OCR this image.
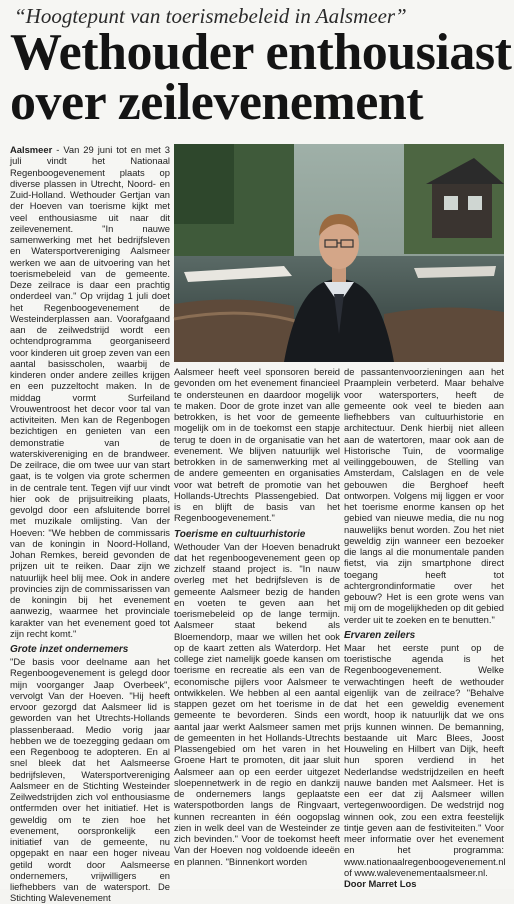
“Hoogtepunt van toerismebeleid in Aalsmeer”
Wethouder enthousiast
over zeilevenement

Aalsmeer - Van 29 juni tot en met 3 juli vindt het Nationaal Regenboogevenement plaats op diverse plassen in Utrecht, Noord- en Zuid-Holland. Wethouder Gertjan van der Hoeven van toerisme kijkt met veel enthousiasme uit naar dit zeilevenement. "In nauwe samenwerking met het bedrijfsleven en Watersportvereniging Aalsmeer werken we aan de uitvoering van het toerismebeleid van de gemeente. Deze zeilrace is daar een prachtig onderdeel van." Op vrijdag 1 juli doet het Regenboogevenement de Westeinderplassen aan. Voorafgaand aan de zeilwedstrijd wordt een ochtendprogramma georganiseerd voor kinderen uit groep zeven van een aantal basisscholen, waarbij de kinderen onder andere zeilles krijgen en een puzzeltocht maken. In de middag vormt Surfeiland Vrouwentroost het decor voor tal van activiteiten. Men kan de Regenbogen bezichtigen en genieten van een demonstratie van de waterskivereniging en de brandweer. De zeilrace, die om twee uur van start gaat, is te volgen via grote schermen in de centrale tent. Tegen vijf uur vindt hier ook de prijsuitreiking plaats, gevolgd door een afsluitende borrel met muzikale omlijsting. Van der Hoeven: "We hebben de commissaris van de koningin in Noord-Holland, Johan Remkes, bereid gevonden de prijzen uit te reiken. Daar zijn we natuurlijk heel blij mee. Ook in andere provincies zijn de commissarissen van de koningin bij het evenement aanwezig, waarmee het provinciale karakter van het evenement goed tot zijn recht komt."

Grote inzet ondernemers

"De basis voor deelname aan het Regenboogevenement is gelegd door mijn voorganger Jaap Overbeek", vervolgt Van der Hoeven. "Hij heeft ervoor gezorgd dat Aalsmeer lid is geworden van het Utrechts-Hollands plassenberaad. Medio vorig jaar hebben we de toezegging gedaan om een Regenboog te adopteren. En al snel bleek dat het Aalsmeerse bedrijfsleven, Watersportvereniging Aalsmeer en de Stichting Westeinder Zeilwedstrijden zich vol enthousiasme ontfermden over het initiatief. Het is geweldig om te zien hoe het evenement, oorspronkelijk een initiatief van de gemeente, nu opgepakt en naar een hoger niveau getild wordt door Aalsmeerse ondernemers, vrijwilligers en liefhebbers van de watersport. De Stichting Walevenement

Aalsmeer heeft veel sponsoren bereid gevonden om het evenement financieel te ondersteunen en daardoor mogelijk te maken. Door de grote inzet van alle betrokken, is het voor de gemeente mogelijk om in de toekomst een stapje terug te doen in de organisatie van het evenement. We blijven natuurlijk wel betrokken in de samenwerking met al de andere gemeenten en organisaties voor wat betreft de promotie van het Hollands-Utrechts Plassengebied. Dat is en blijft de basis van het Regenboogevenement."

Toerisme en cultuurhistorie

Wethouder Van der Hoeven benadrukt dat het regenboogevenement geen op zichzelf staand project is. "In nauw overleg met het bedrijfsleven is de gemeente Aalsmeer bezig de handen en voeten te geven aan het toerismebeleid op de lange termijn. Aalsmeer staat bekend als Bloemendorp, maar we willen het ook op de kaart zetten als Waterdorp. Het college ziet namelijk goede kansen om toerisme en recreatie als een van de economische pijlers voor Aalsmeer te ontwikkelen. We hebben al een aantal stappen gezet om het toerisme in de gemeente te bevorderen. Sinds een aantal jaar werkt Aalsmeer samen met de gemeenten in het Hollands-Utrechts Plassengebied om het varen in het Groene Hart te promoten, dit jaar sluit Aalsmeer aan op een eerder uitgezet sloepennetwerk in de regio en dankzij de ondernemers langs geplaatste waterspotborden langs de Ringvaart, kunnen recreanten in één oogopslag zien in welk deel van de Westeinder ze zich bevinden." Voor de toekomst heeft Van der Hoeven nog voldoende ideeën en plannen. "Binnenkort worden

de passantenvoorzieningen aan het Praamplein verbeterd. Maar behalve voor watersporters, heeft de gemeente ook veel te bieden aan liefhebbers van cultuurhistorie en architectuur. Denk hierbij niet alleen aan de watertoren, maar ook aan de Historische Tuin, de voormalige veilinggebouwen, de Stelling van Amsterdam, Calslagen en de vele gebouwen die Berghoef heeft ontworpen. Volgens mij liggen er voor het toerisme enorme kansen op het gebied van nieuwe media, die nu nog nauwelijks benut worden. Zou het niet geweldig zijn wanneer een bezoeker die langs al die monumentale panden fietst, via zijn smartphone direct toegang heeft tot achtergrondinformatie over het gebouw? Het is een grote wens van mij om de mogelijkheden op dit gebied verder uit te zoeken en te benutten."

Ervaren zeilers

Maar het eerste punt op de toeristische agenda is het Regenboogevenement. Welke verwachtingen heeft de wethouder eigenlijk van de zeilrace? "Behalve dat het een geweldig evenement wordt, hoop ik natuurlijk dat we ons prijs kunnen winnen. De bemanning, bestaande uit Marc Blees, Joost Houweling en Hilbert van Dijk, heeft hun sporen verdiend in het Nederlandse wedstrijdzeilen en heeft nauwe banden met Aalsmeer. Het is een eer dat zij Aalsmeer willen vertegenwoordigen. De wedstrijd nog winnen ook, zou een extra feestelijk tintje geven aan de festiviteiten." Voor meer informatie over het evenement en het programma: www.nationaalregenboogevenement.nl of www.walevenementaalsmeer.nl.

Door Marret Los
